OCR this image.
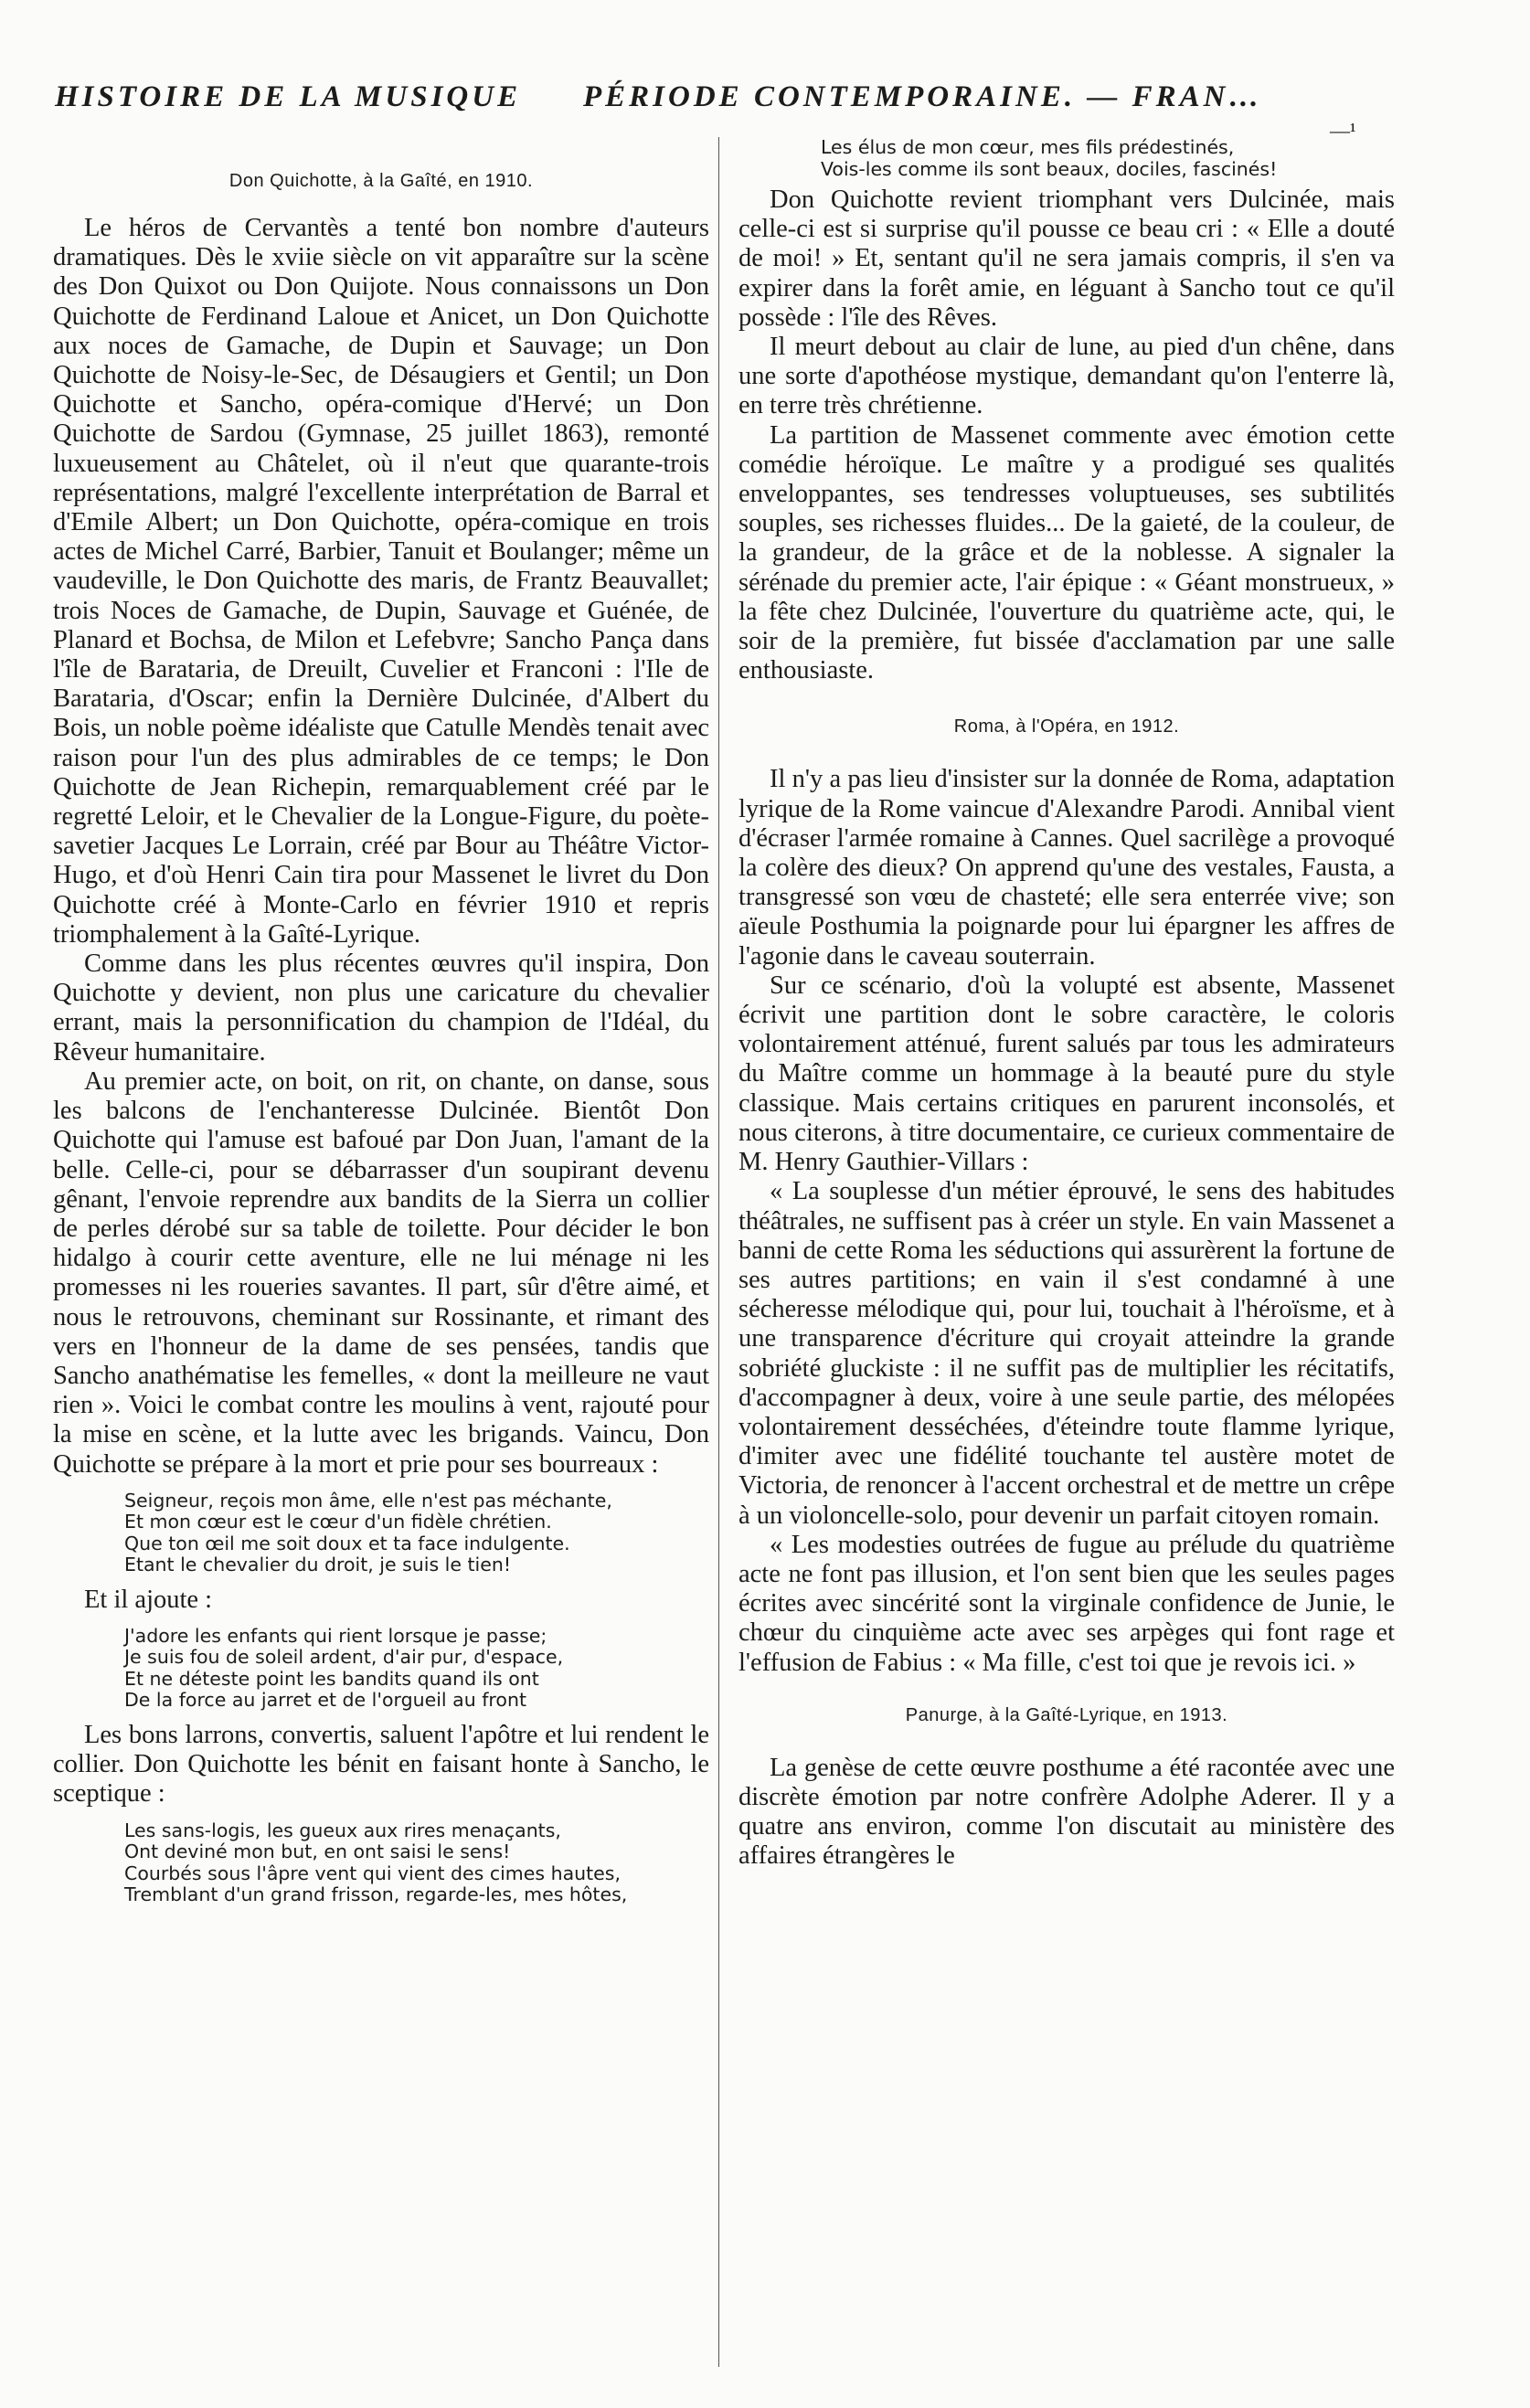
HISTOIRE DE LA MUSIQUE PÉRIODE CONTEMPORAINE. — FRAN…
—¹

Don Quichotte, à la Gaîté, en 1910.

Le héros de Cervantès a tenté bon nombre d'auteurs dramatiques. Dès le xviie siècle on vit apparaître sur la scène des Don Quixot ou Don Quijote. Nous connaissons un Don Quichotte de Ferdinand Laloue et Anicet, un Don Quichotte aux noces de Gamache, de Dupin et Sauvage; un Don Quichotte de Noisy-le-Sec, de Désaugiers et Gentil; un Don Quichotte et Sancho, opéra-comique d'Hervé; un Don Quichotte de Sardou (Gymnase, 25 juillet 1863), remonté luxueusement au Châtelet, où il n'eut que quarante-trois représentations, malgré l'excellente interprétation de Barral et d'Emile Albert; un Don Quichotte, opéra-comique en trois actes de Michel Carré, Barbier, Tanuit et Boulanger; même un vaudeville, le Don Quichotte des maris, de Frantz Beauvallet; trois Noces de Gamache, de Dupin, Sauvage et Guénée, de Planard et Bochsa, de Milon et Lefebvre; Sancho Pança dans l'île de Barataria, de Dreuilt, Cuvelier et Franconi : l'Ile de Barataria, d'Oscar; enfin la Dernière Dulcinée, d'Albert du Bois, un noble poème idéaliste que Catulle Mendès tenait avec raison pour l'un des plus admirables de ce temps; le Don Quichotte de Jean Richepin, remarquablement créé par le regretté Leloir, et le Chevalier de la Longue-Figure, du poète-savetier Jacques Le Lorrain, créé par Bour au Théâtre Victor-Hugo, et d'où Henri Cain tira pour Massenet le livret du Don Quichotte créé à Monte-Carlo en février 1910 et repris triomphalement à la Gaîté-Lyrique.

Comme dans les plus récentes œuvres qu'il inspira, Don Quichotte y devient, non plus une caricature du chevalier errant, mais la personnification du champion de l'Idéal, du Rêveur humanitaire.

Au premier acte, on boit, on rit, on chante, on danse, sous les balcons de l'enchanteresse Dulcinée. Bientôt Don Quichotte qui l'amuse est bafoué par Don Juan, l'amant de la belle. Celle-ci, pour se débarrasser d'un soupirant devenu gênant, l'envoie reprendre aux bandits de la Sierra un collier de perles dérobé sur sa table de toilette. Pour décider le bon hidalgo à courir cette aventure, elle ne lui ménage ni les promesses ni les roueries savantes. Il part, sûr d'être aimé, et nous le retrouvons, cheminant sur Rossinante, et rimant des vers en l'honneur de la dame de ses pensées, tandis que Sancho anathématise les femelles, « dont la meilleure ne vaut rien ». Voici le combat contre les moulins à vent, rajouté pour la mise en scène, et la lutte avec les brigands. Vaincu, Don Quichotte se prépare à la mort et prie pour ses bourreaux :

Seigneur, reçois mon âme, elle n'est pas méchante,
Et mon cœur est le cœur d'un fidèle chrétien.
Que ton œil me soit doux et ta face indulgente.
Etant le chevalier du droit, je suis le tien!

Et il ajoute :

J'adore les enfants qui rient lorsque je passe;
Je suis fou de soleil ardent, d'air pur, d'espace,
Et ne déteste point les bandits quand ils ont
De la force au jarret et de l'orgueil au front

Les bons larrons, convertis, saluent l'apôtre et lui rendent le collier. Don Quichotte les bénit en faisant honte à Sancho, le sceptique :

Les sans-logis, les gueux aux rires menaçants,
Ont deviné mon but, en ont saisi le sens!
Courbés sous l'âpre vent qui vient des cimes hautes,
Tremblant d'un grand frisson, regarde-les, mes hôtes,
Les élus de mon cœur, mes fils prédestinés,
Vois-les comme ils sont beaux, dociles, fascinés!

Don Quichotte revient triomphant vers Dulcinée, mais celle-ci est si surprise qu'il pousse ce beau cri : « Elle a douté de moi! » Et, sentant qu'il ne sera jamais compris, il s'en va expirer dans la forêt amie, en léguant à Sancho tout ce qu'il possède : l'île des Rêves.

Il meurt debout au clair de lune, au pied d'un chêne, dans une sorte d'apothéose mystique, demandant qu'on l'enterre là, en terre très chrétienne.

La partition de Massenet commente avec émotion cette comédie héroïque. Le maître y a prodigué ses qualités enveloppantes, ses tendresses voluptueuses, ses subtilités souples, ses richesses fluides... De la gaieté, de la couleur, de la grandeur, de la grâce et de la noblesse. A signaler la sérénade du premier acte, l'air épique : « Géant monstrueux, » la fête chez Dulcinée, l'ouverture du quatrième acte, qui, le soir de la première, fut bissée d'acclamation par une salle enthousiaste.

Roma, à l'Opéra, en 1912.

Il n'y a pas lieu d'insister sur la donnée de Roma, adaptation lyrique de la Rome vaincue d'Alexandre Parodi. Annibal vient d'écraser l'armée romaine à Cannes. Quel sacrilège a provoqué la colère des dieux? On apprend qu'une des vestales, Fausta, a transgressé son vœu de chasteté; elle sera enterrée vive; son aïeule Posthumia la poignarde pour lui épargner les affres de l'agonie dans le caveau souterrain.

Sur ce scénario, d'où la volupté est absente, Massenet écrivit une partition dont le sobre caractère, le coloris volontairement atténué, furent salués par tous les admirateurs du Maître comme un hommage à la beauté pure du style classique. Mais certains critiques en parurent inconsolés, et nous citerons, à titre documentaire, ce curieux commentaire de M. Henry Gauthier-Villars :

« La souplesse d'un métier éprouvé, le sens des habitudes théâtrales, ne suffisent pas à créer un style. En vain Massenet a banni de cette Roma les séductions qui assurèrent la fortune de ses autres partitions; en vain il s'est condamné à une sécheresse mélodique qui, pour lui, touchait à l'héroïsme, et à une transparence d'écriture qui croyait atteindre la grande sobriété gluckiste : il ne suffit pas de multiplier les récitatifs, d'accompagner à deux, voire à une seule partie, des mélopées volontairement desséchées, d'éteindre toute flamme lyrique, d'imiter avec une fidélité touchante tel austère motet de Victoria, de renoncer à l'accent orchestral et de mettre un crêpe à un violoncelle-solo, pour devenir un parfait citoyen romain.

« Les modesties outrées de fugue au prélude du quatrième acte ne font pas illusion, et l'on sent bien que les seules pages écrites avec sincérité sont la virginale confidence de Junie, le chœur du cinquième acte avec ses arpèges qui font rage et l'effusion de Fabius : « Ma fille, c'est toi que je revois ici. »

Panurge, à la Gaîté-Lyrique, en 1913.

La genèse de cette œuvre posthume a été racontée avec une discrète émotion par notre confrère Adolphe Aderer. Il y a quatre ans environ, comme l'on discutait au ministère des affaires étrangères le
